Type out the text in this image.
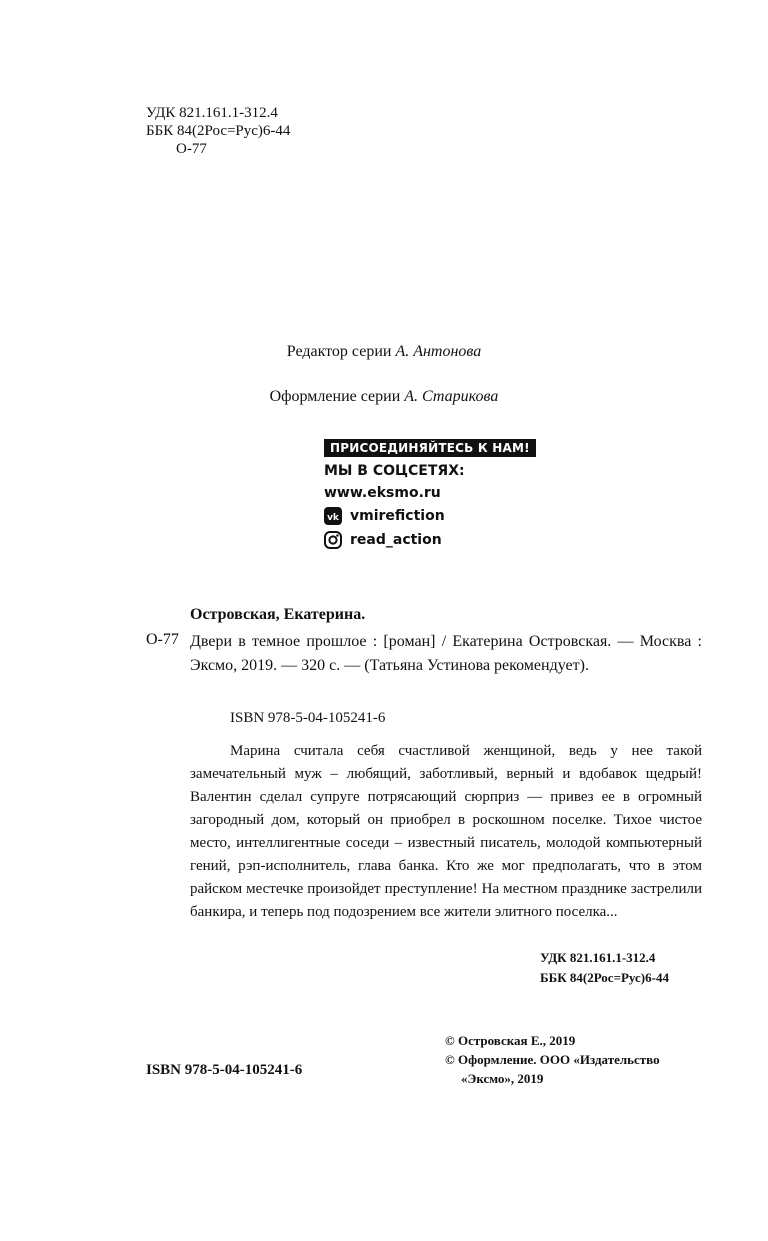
УДК 821.161.1-312.4
ББК 84(2Рос=Рус)6-44
О-77
Редактор серии А. Антонова
Оформление серии А. Старикова
ПРИСОЕДИНЯЙТЕСЬ К НАМ!
МЫ В СОЦСЕТЯХ:
www.eksmo.ru
vk vmirefiction
read_action
Островская, Екатерина.
О-77 Двери в темное прошлое : [роман] / Екатерина Островская. — Москва : Эксмо, 2019. — 320 с. — (Татьяна Устинова рекомендует).
ISBN 978-5-04-105241-6

Марина считала себя счастливой женщиной, ведь у нее такой замечательный муж – любящий, заботливый, верный и вдобавок щедрый! Валентин сделал супруге потрясающий сюрприз — привез ее в огромный загородный дом, который он приобрел в роскошном поселке. Тихое чистое место, интеллигентные соседи – известный писатель, молодой компьютерный гений, рэп-исполнитель, глава банка. Кто же мог предполагать, что в этом райском местечке произойдет преступление! На местном празднике застрелили банкира, и теперь под подозрением все жители элитного поселка...

УДК 821.161.1-312.4
ББК 84(2Рос=Рус)6-44
ISBN 978-5-04-105241-6
© Островская Е., 2019
© Оформление. ООО «Издательство
«Эксмо», 2019
